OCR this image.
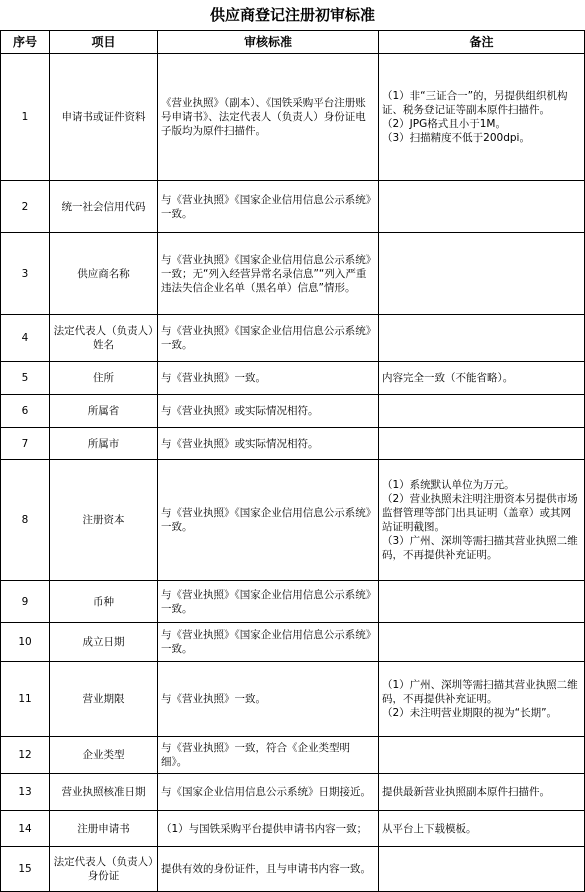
供应商登记注册初审标准
序号	项目	审核标准	备注
1	申请书或证件资料	《营业执照》（副本）、《国铁采购平台注册账号申请书》、法定代表人（负责人）身份证电子版均为原件扫描件。	（1）非“三证合一”的，另提供组织机构证、税务登记证等副本原件扫描件。
（2）JPG格式且小于1M。
（3）扫描精度不低于200dpi。
2	统一社会信用代码	与《营业执照》《国家企业信用信息公示系统》一致。	
3	供应商名称	与《营业执照》《国家企业信用信息公示系统》一致；无“列入经营异常名录信息”“列入严重违法失信企业名单（黑名单）信息”情形。	
4	法定代表人（负责人）姓名	与《营业执照》《国家企业信用信息公示系统》一致。	
5	住所	与《营业执照》一致。	内容完全一致（不能省略）。
6	所属省	与《营业执照》或实际情况相符。	
7	所属市	与《营业执照》或实际情况相符。	
8	注册资本	与《营业执照》《国家企业信用信息公示系统》一致。	（1）系统默认单位为万元。
（2）营业执照未注明注册资本另提供市场监督管理等部门出具证明（盖章）或其网站证明截图。
（3）广州、深圳等需扫描其营业执照二维码，不再提供补充证明。
9	币种	与《营业执照》《国家企业信用信息公示系统》一致。	
10	成立日期	与《营业执照》《国家企业信用信息公示系统》一致。	
11	营业期限	与《营业执照》一致。	（1）广州、深圳等需扫描其营业执照二维码，不再提供补充证明。
（2）未注明营业期限的视为“长期”。
12	企业类型	与《营业执照》一致，符合《企业类型明细》。	
13	营业执照核准日期	与《国家企业信用信息公示系统》日期接近。	提供最新营业执照副本原件扫描件。
14	注册申请书	（1）与国铁采购平台提供申请书内容一致；	从平台上下载模板。
15	法定代表人（负责人）身份证	提供有效的身份证件，且与申请书内容一致。	
